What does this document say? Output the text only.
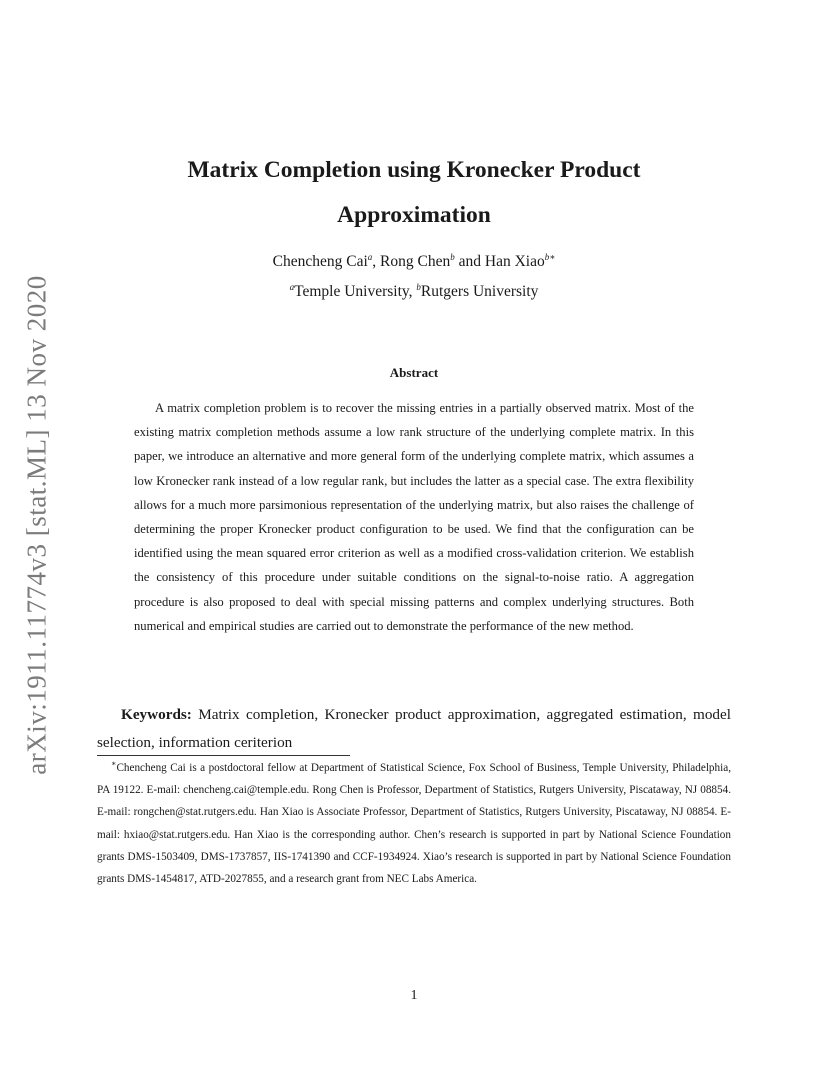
arXiv:1911.11774v3 [stat.ML] 13 Nov 2020
Matrix Completion using Kronecker Product
Approximation
Chencheng Cai$^a$, Rong Chen$^b$ and Han Xiao$^{b∗}$
$^a$Temple University, $^b$Rutgers University
Abstract

A matrix completion problem is to recover the missing entries in a partially observed matrix. Most of the existing matrix completion methods assume a low rank structure of the underlying complete matrix. In this paper, we introduce an alternative and more general form of the underlying complete matrix, which assumes a low Kronecker rank instead of a low regular rank, but includes the latter as a special case. The extra flexibility allows for a much more parsimonious representation of the underlying matrix, but also raises the challenge of determining the proper Kronecker product configuration to be used. We find that the configuration can be identified using the mean squared error criterion as well as a modified cross-validation criterion. We establish the consistency of this procedure under suitable conditions on the signal-to-noise ratio. A aggregation procedure is also proposed to deal with special missing patterns and complex underlying structures. Both numerical and empirical studies are carried out to demonstrate the performance of the new method.

Keywords: Matrix completion, Kronecker product approximation, aggregated estimation, model selection, information ceriterion

∗Chencheng Cai is a postdoctoral fellow at Department of Statistical Science, Fox School of Business, Temple University, Philadelphia, PA 19122. E-mail: chencheng.cai@temple.edu. Rong Chen is Professor, Department of Statistics, Rutgers University, Piscataway, NJ 08854. E-mail: rongchen@stat.rutgers.edu. Han Xiao is Associate Professor, Department of Statistics, Rutgers University, Piscataway, NJ 08854. E-mail: hxiao@stat.rutgers.edu. Han Xiao is the corresponding author. Chen’s research is supported in part by National Science Foundation grants DMS-1503409, DMS-1737857, IIS-1741390 and CCF-1934924. Xiao’s research is supported in part by National Science Foundation grants DMS-1454817, ATD-2027855, and a research grant from NEC Labs America.

1
